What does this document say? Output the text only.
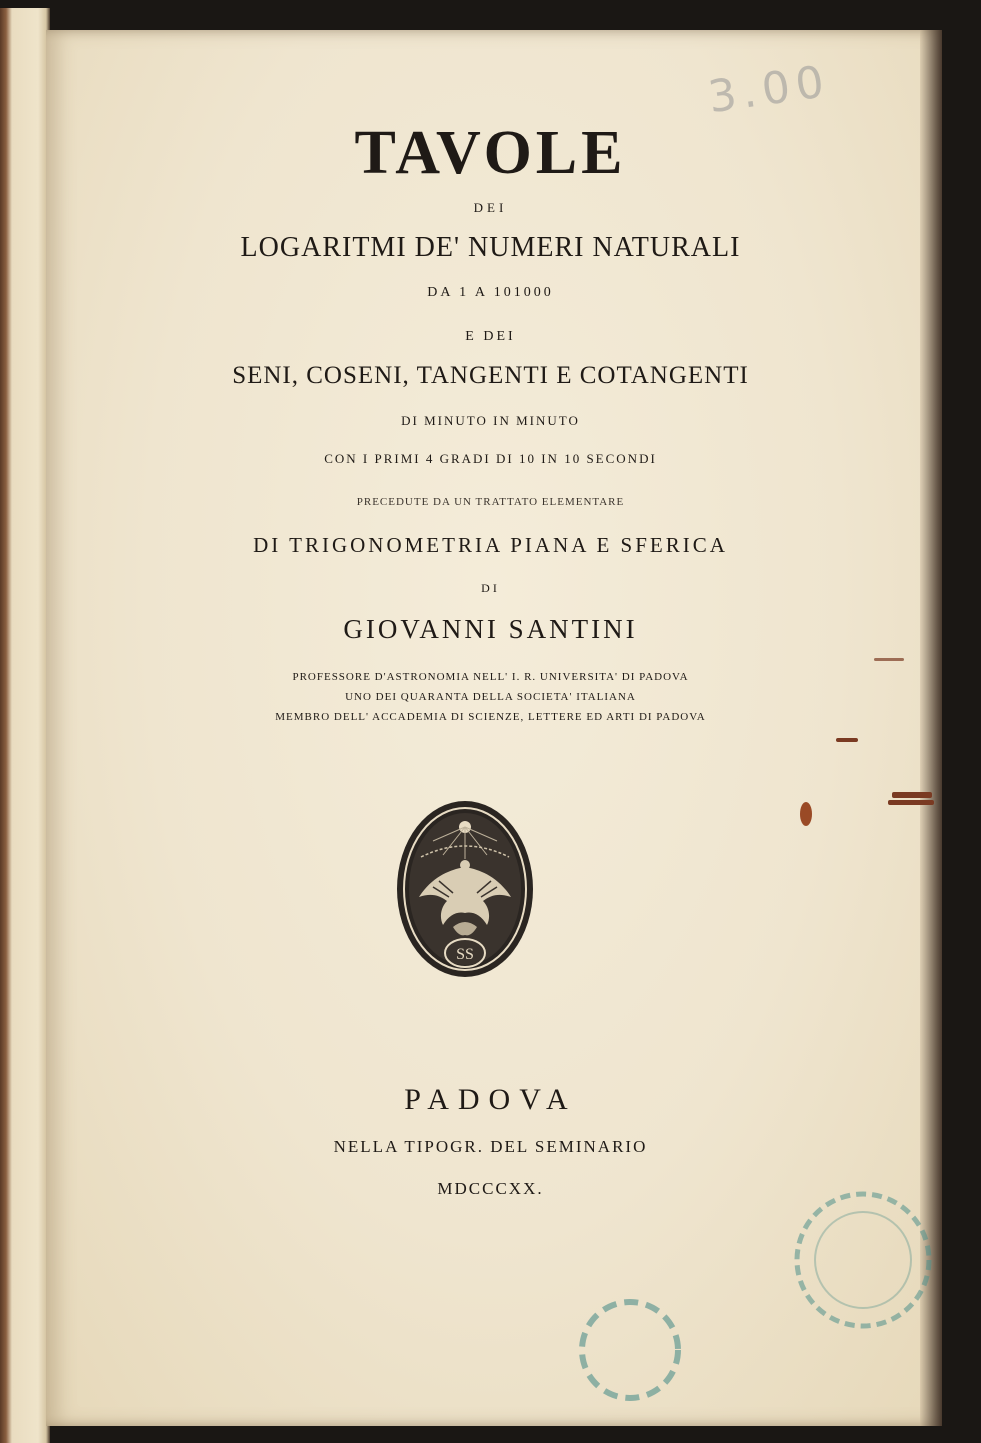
3.00
TAVOLE
DEI
LOGARITMI DE' NUMERI NATURALI
DA 1 A 101000
E DEI
SENI, COSENI, TANGENTI E COTANGENTI
DI MINUTO IN MINUTO
CON I PRIMI 4 GRADI DI 10 IN 10 SECONDI
PRECEDUTE DA UN TRATTATO ELEMENTARE
DI TRIGONOMETRIA PIANA E SFERICA
DI
GIOVANNI SANTINI
PROFESSORE D'ASTRONOMIA NELL' I. R. UNIVERSITA' DI PADOVA
UNO DEI QUARANTA DELLA SOCIETA' ITALIANA
MEMBRO DELL' ACCADEMIA DI SCIENZE, LETTERE ED ARTI DI PADOVA
SS
PADOVA
NELLA TIPOGR. DEL SEMINARIO
MDCCCXX.
